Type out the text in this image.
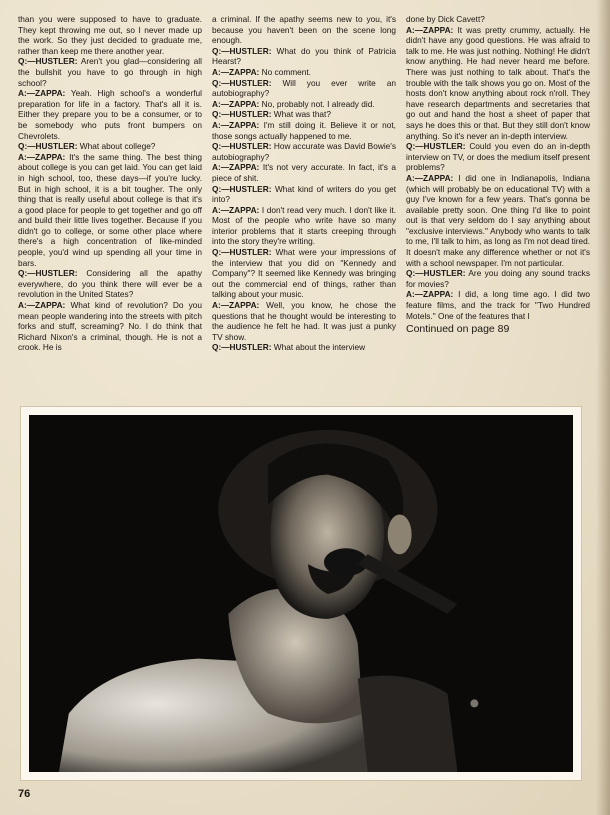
than you were supposed to have to graduate. They kept throwing me out, so I never made up the work. So they just decided to graduate me, rather than keep me there another year.

Q:—HUSTLER: Aren't you glad—considering all the bullshit you have to go through in high school?

A:—ZAPPA: Yeah. High school's a wonderful preparation for life in a factory. That's all it is. Either they prepare you to be a consumer, or to be somebody who puts front bumpers on Chevrolets.

Q:—HUSTLER: What about college?

A:—ZAPPA: It's the same thing. The best thing about college is you can get laid. You can get laid in high school, too, these days—if you're lucky. But in high school, it is a bit tougher. The only thing that is really useful about college is that it's a good place for people to get together and go off and build their little lives together. Because if you didn't go to college, or some other place where there's a high concentration of like-minded people, you'd wind up spending all your time in bars.

Q:—HUSTLER: Considering all the apathy everywhere, do you think there will ever be a revolution in the United States?

A:—ZAPPA: What kind of revolution? Do you mean people wandering into the streets with pitch forks and stuff, screaming? No. I do think that Richard Nixon's a criminal, though. He is not a crook. He is

a criminal. If the apathy seems new to you, it's because you haven't been on the scene long enough.

Q:—HUSTLER: What do you think of Patricia Hearst?

A:—ZAPPA: No comment.

Q:—HUSTLER: Will you ever write an autobiography?

A:—ZAPPA: No, probably not. I already did.

Q:—HUSTLER: What was that?

A:—ZAPPA: I'm still doing it. Believe it or not, those songs actually happened to me.

Q:—HUSTLER: How accurate was David Bowie's autobiography?

A:—ZAPPA: It's not very accurate. In fact, it's a piece of shit.

Q:—HUSTLER: What kind of writers do you get into?

A:—ZAPPA: I don't read very much. I don't like it. Most of the people who write have so many interior problems that it starts creeping through into the story they're writing.

Q:—HUSTLER: What were your impressions of the interview that you did on "Kennedy and Company"? It seemed like Kennedy was bringing out the commercial end of things, rather than talking about your music.

A:—ZAPPA: Well, you know, he chose the questions that he thought would be interesting to the audience he felt he had. It was just a punky TV show.

Q:—HUSTLER: What about the interview

done by Dick Cavett?

A:—ZAPPA: It was pretty crummy, actually. He didn't have any good questions. He was afraid to talk to me. He was just nothing. Nothing! He didn't know anything. He had never heard me before. There was just nothing to talk about. That's the trouble with the talk shows you go on. Most of the hosts don't know anything about rock n'roll. They have research departments and secretaries that go out and hand the host a sheet of paper that says he does this or that. But they still don't know anything. So it's never an in-depth interview.

Q:—HUSTLER: Could you even do an in-depth interview on TV, or does the medium itself present problems?

A:—ZAPPA: I did one in Indianapolis, Indiana (which will probably be on educational TV) with a guy I've known for a few years. That's gonna be available pretty soon. One thing I'd like to point out is that very seldom do I say anything about "exclusive interviews." Anybody who wants to talk to me, I'll talk to him, as long as I'm not dead tired. It doesn't make any difference whether or not it's with a school newspaper. I'm not particular.

Q:—HUSTLER: Are you doing any sound tracks for movies?

A:—ZAPPA: I did, a long time ago. I did two feature films, and the track for "Two Hundred Motels." One of the features that I

Continued on page 89
76
